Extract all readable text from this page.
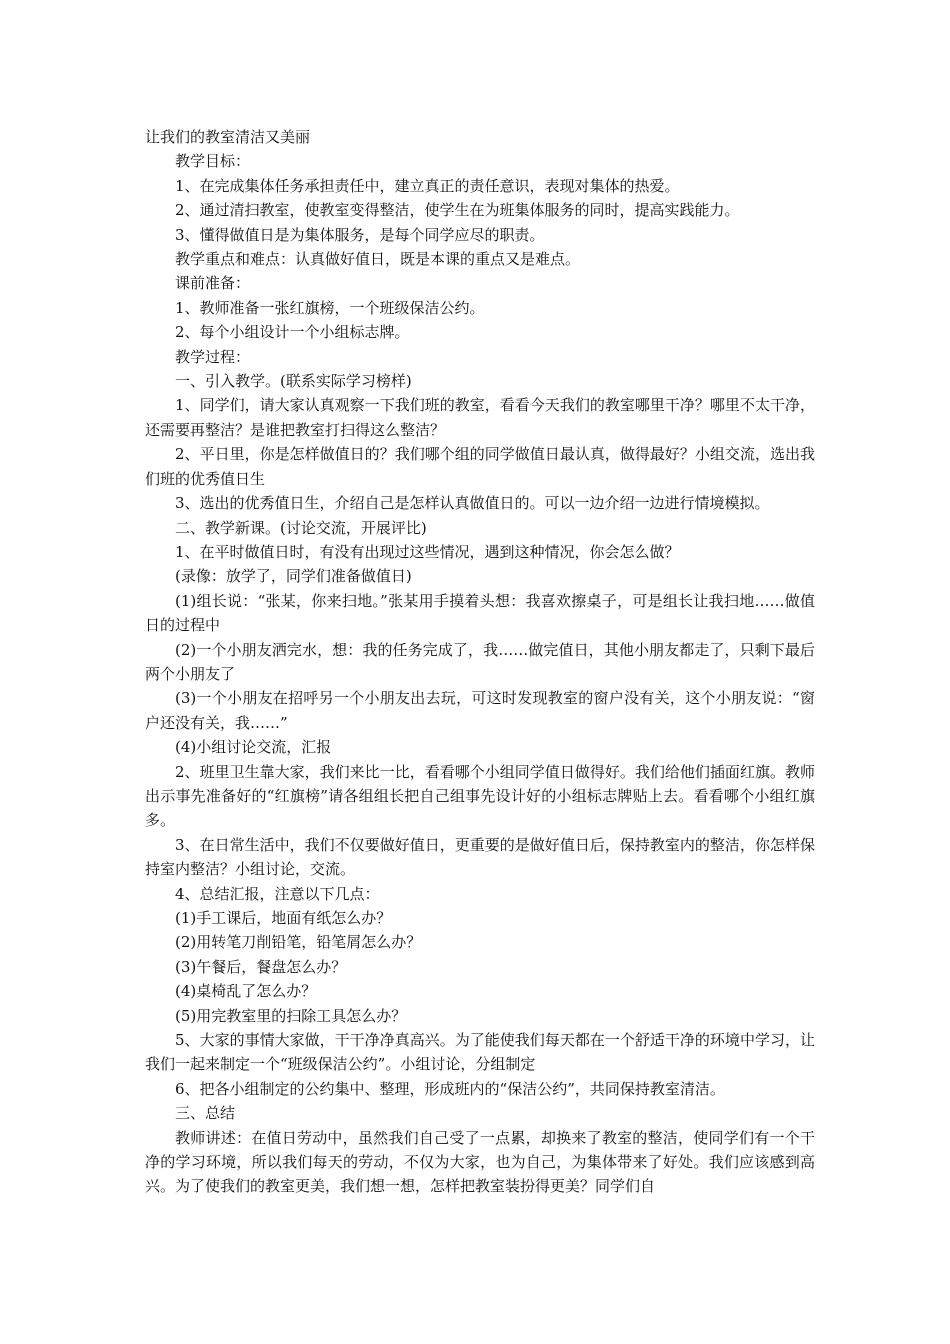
让我们的教室清洁又美丽

教学目标：

1、在完成集体任务承担责任中，建立真正的责任意识，表现对集体的热爱。

2、通过清扫教室，使教室变得整洁，使学生在为班集体服务的同时，提高实践能力。

3、懂得做值日是为集体服务，是每个同学应尽的职责。

教学重点和难点：认真做好值日，既是本课的重点又是难点。

课前准备：

1、教师准备一张红旗榜，一个班级保洁公约。

2、每个小组设计一个小组标志牌。

教学过程：

一、引入教学。(联系实际学习榜样)

1、同学们，请大家认真观察一下我们班的教室，看看今天我们的教室哪里干净？哪里不太干净，还需要再整洁？是谁把教室打扫得这么整洁？

2、平日里，你是怎样做值日的？我们哪个组的同学做值日最认真，做得最好？小组交流，选出我们班的优秀值日生

3、选出的优秀值日生，介绍自己是怎样认真做值日的。可以一边介绍一边进行情境模拟。

二、教学新课。(讨论交流，开展评比)

1、在平时做值日时，有没有出现过这些情况，遇到这种情况，你会怎么做？

(录像：放学了，同学们准备做值日)

(1)组长说：“张某，你来扫地。”张某用手摸着头想：我喜欢擦桌子，可是组长让我扫地……做值日的过程中

(2)一个小朋友洒完水，想：我的任务完成了，我……做完值日，其他小朋友都走了，只剩下最后两个小朋友了

(3)一个小朋友在招呼另一个小朋友出去玩，可这时发现教室的窗户没有关，这个小朋友说：“窗户还没有关，我……”

(4)小组讨论交流，汇报

2、班里卫生靠大家，我们来比一比，看看哪个小组同学值日做得好。我们给他们插面红旗。教师出示事先准备好的“红旗榜”请各组组长把自己组事先设计好的小组标志牌贴上去。看看哪个小组红旗多。

3、在日常生活中，我们不仅要做好值日，更重要的是做好值日后，保持教室内的整洁，你怎样保持室内整洁？小组讨论，交流。

4、总结汇报，注意以下几点：

(1)手工课后，地面有纸怎么办？

(2)用转笔刀削铅笔，铅笔屑怎么办？

(3)午餐后，餐盘怎么办？

(4)桌椅乱了怎么办？

(5)用完教室里的扫除工具怎么办？

5、大家的事情大家做，干干净净真高兴。为了能使我们每天都在一个舒适干净的环境中学习，让我们一起来制定一个“班级保洁公约”。小组讨论，分组制定

6、把各小组制定的公约集中、整理，形成班内的“保洁公约”，共同保持教室清洁。

三、总结

教师讲述：在值日劳动中，虽然我们自己受了一点累，却换来了教室的整洁，使同学们有一个干净的学习环境，所以我们每天的劳动，不仅为大家，也为自己，为集体带来了好处。我们应该感到高兴。为了使我们的教室更美，我们想一想，怎样把教室装扮得更美？同学们自
